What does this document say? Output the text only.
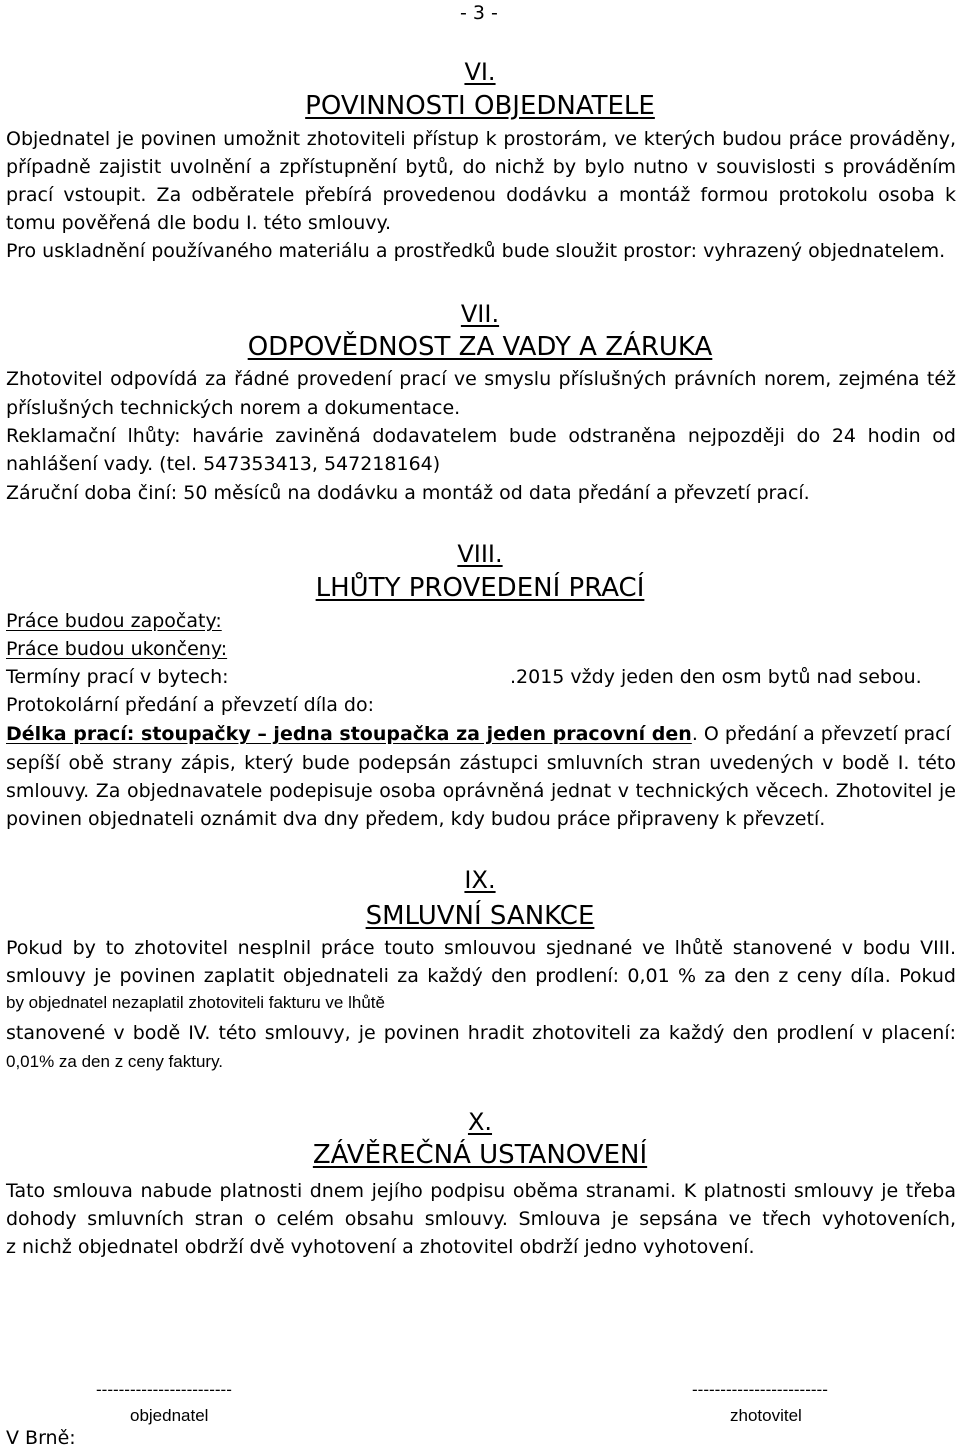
- 3 -
VI.
POVINNOSTI OBJEDNATELE
Objednatel je povinen umožnit zhotoviteli přístup k prostorám, ve kterých budou práce prováděny,
případně zajistit uvolnění a zpřístupnění bytů, do nichž by bylo nutno v souvislosti s prováděním
prací vstoupit. Za odběratele přebírá provedenou dodávku a montáž formou protokolu osoba k
tomu pověřená dle bodu I. této smlouvy.
Pro uskladnění používaného materiálu a prostředků bude sloužit prostor: vyhrazený objednatelem.
VII.
ODPOVĚDNOST ZA VADY A ZÁRUKA
Zhotovitel odpovídá za řádné provedení prací ve smyslu příslušných právních norem, zejména též
příslušných technických norem a dokumentace.
Reklamační lhůty: havárie zaviněná dodavatelem bude odstraněna nejpozději do 24 hodin od
nahlášení vady. (tel. 547353413, 547218164)
Záruční doba činí: 50 měsíců na dodávku a montáž od data předání a převzetí prací.
VIII.
LHŮTY PROVEDENÍ PRACÍ
Práce budou započaty:
Práce budou ukončeny:
Termíny prací v bytech:	.2015 vždy jeden den osm bytů nad sebou.
Protokolární předání a převzetí díla do:
Délka prací: stoupačky – jedna stoupačka za jeden pracovní den. O předání a převzetí prací
sepíší obě strany zápis, který bude podepsán zástupci smluvních stran uvedených v bodě I. této
smlouvy. Za objednavatele podepisuje osoba oprávněná jednat v technických věcech. Zhotovitel je
povinen objednateli oznámit dva dny předem, kdy budou práce připraveny k převzetí.
IX.
SMLUVNÍ SANKCE
Pokud by to zhotovitel nesplnil práce touto smlouvou sjednané ve lhůtě stanovené v bodu VIII.
smlouvy je povinen zaplatit objednateli za každý den prodlení: 0,01 % za den z ceny díla. Pokud
by objednatel nezaplatil zhotoviteli fakturu ve lhůtě
stanovené v bodě IV. této smlouvy, je povinen hradit zhotoviteli za každý den prodlení v placení:
0,01% za den z ceny faktury.
X.
ZÁVĚREČNÁ USTANOVENÍ
Tato smlouva nabude platnosti dnem jejího podpisu oběma stranami. K platnosti smlouvy je třeba
dohody smluvních stran o celém obsahu smlouvy. Smlouva je sepsána ve třech vyhotoveních,
z nichž objednatel obdrží dvě vyhotovení a zhotovitel obdrží jedno vyhotovení.
------------------------	------------------------
objednatel	zhotovitel
V Brně:
